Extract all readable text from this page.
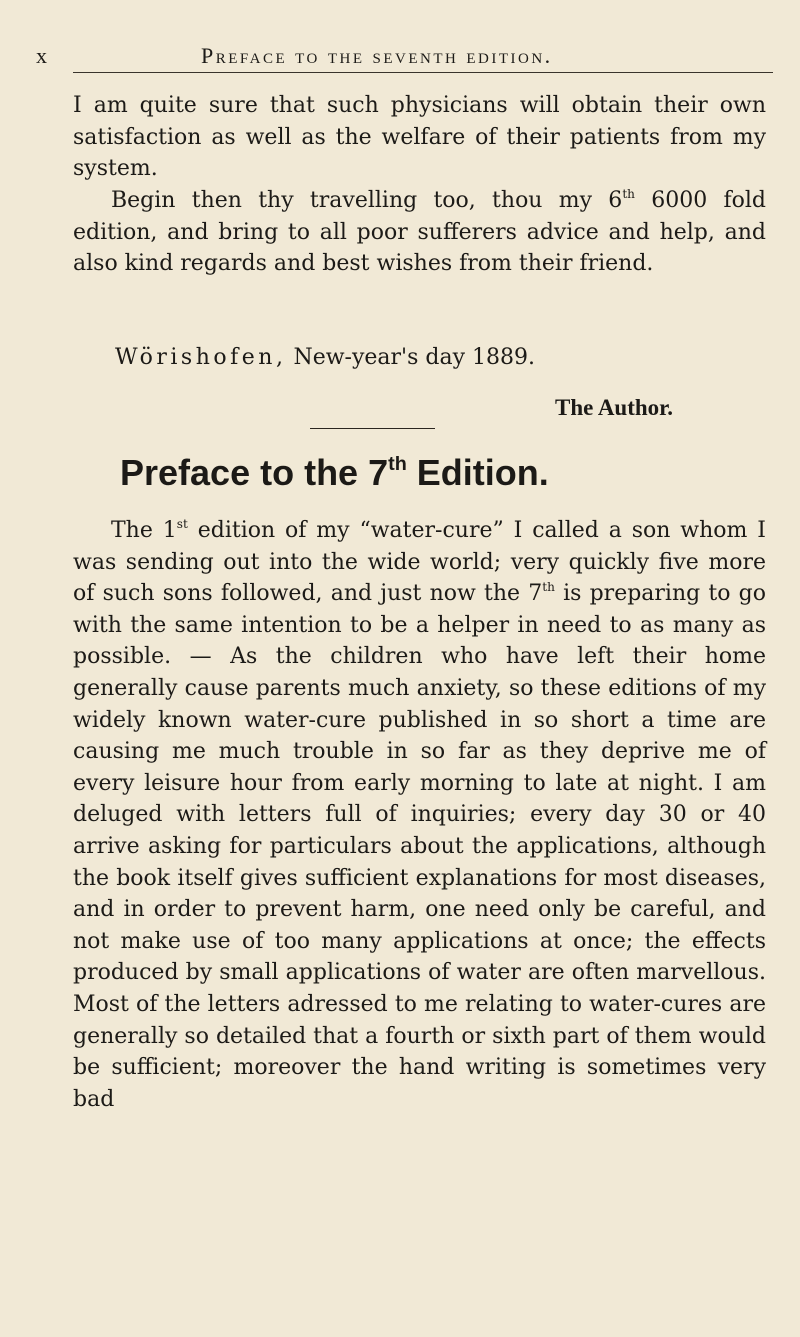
x	Preface to the seventh edition.

I am quite sure that such physicians will obtain their own satisfaction as well as the welfare of their patients from my system.

Begin then thy travelling too, thou my 6th 6000 fold edition, and bring to all poor sufferers advice and help, and also kind regards and best wishes from their friend.

Wörishofen, New-year's day 1889.
The Author.
Preface to the 7th Edition.

The 1st edition of my “water-cure” I called a son whom I was sending out into the wide world; very quickly five more of such sons followed, and just now the 7th is preparing to go with the same intention to be a helper in need to as many as possible. — As the children who have left their home generally cause parents much anxiety, so these editions of my widely known water-cure published in so short a time are causing me much trouble in so far as they deprive me of every leisure hour from early morning to late at night. I am deluged with letters full of inquiries; every day 30 or 40 arrive asking for particulars about the applications, although the book itself gives sufficient explanations for most diseases, and in order to prevent harm, one need only be careful, and not make use of too many applications at once; the effects produced by small applications of water are often marvellous. Most of the letters adressed to me relating to water-cures are generally so detailed that a fourth or sixth part of them would be sufficient; moreover the hand writing is sometimes very bad
